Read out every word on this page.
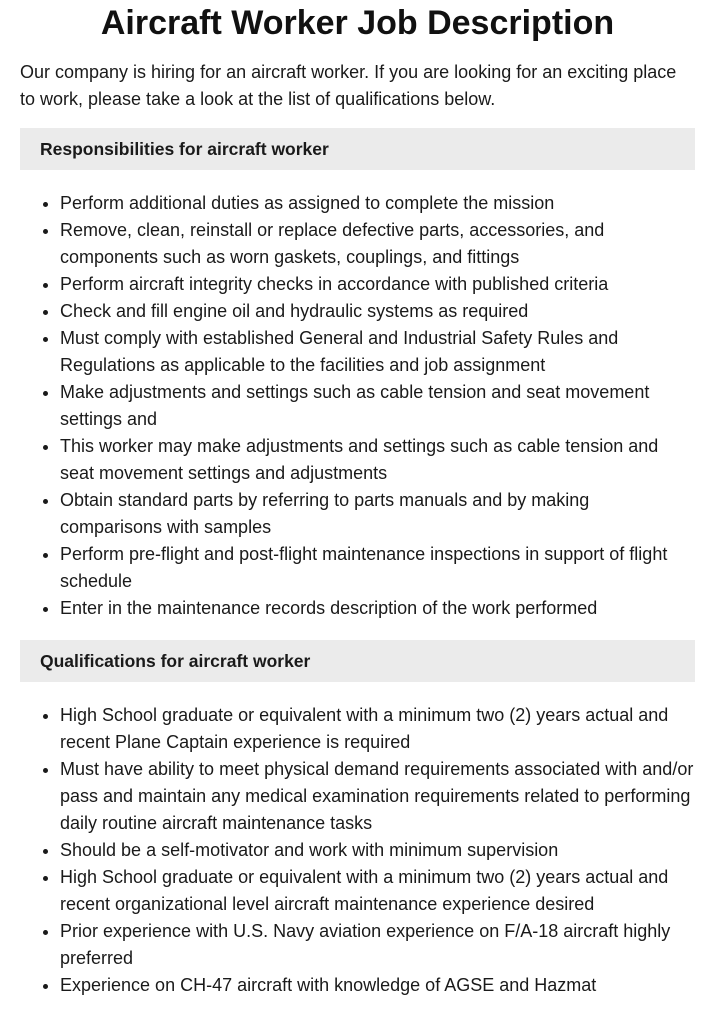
Aircraft Worker Job Description

Our company is hiring for an aircraft worker. If you are looking for an exciting place to work, please take a look at the list of qualifications below.

Responsibilities for aircraft worker
Perform additional duties as assigned to complete the mission
Remove, clean, reinstall or replace defective parts, accessories, and components such as worn gaskets, couplings, and fittings
Perform aircraft integrity checks in accordance with published criteria
Check and fill engine oil and hydraulic systems as required
Must comply with established General and Industrial Safety Rules and Regulations as applicable to the facilities and job assignment
Make adjustments and settings such as cable tension and seat movement settings and
This worker may make adjustments and settings such as cable tension and seat movement settings and adjustments
Obtain standard parts by referring to parts manuals and by making comparisons with samples
Perform pre-flight and post-flight maintenance inspections in support of flight schedule
Enter in the maintenance records description of the work performed
Qualifications for aircraft worker
High School graduate or equivalent with a minimum two (2) years actual and recent Plane Captain experience is required
Must have ability to meet physical demand requirements associated with and/or pass and maintain any medical examination requirements related to performing daily routine aircraft maintenance tasks
Should be a self-motivator and work with minimum supervision
High School graduate or equivalent with a minimum two (2) years actual and recent organizational level aircraft maintenance experience desired
Prior experience with U.S. Navy aviation experience on F/A-18 aircraft highly preferred
Experience on CH-47 aircraft with knowledge of AGSE and Hazmat
